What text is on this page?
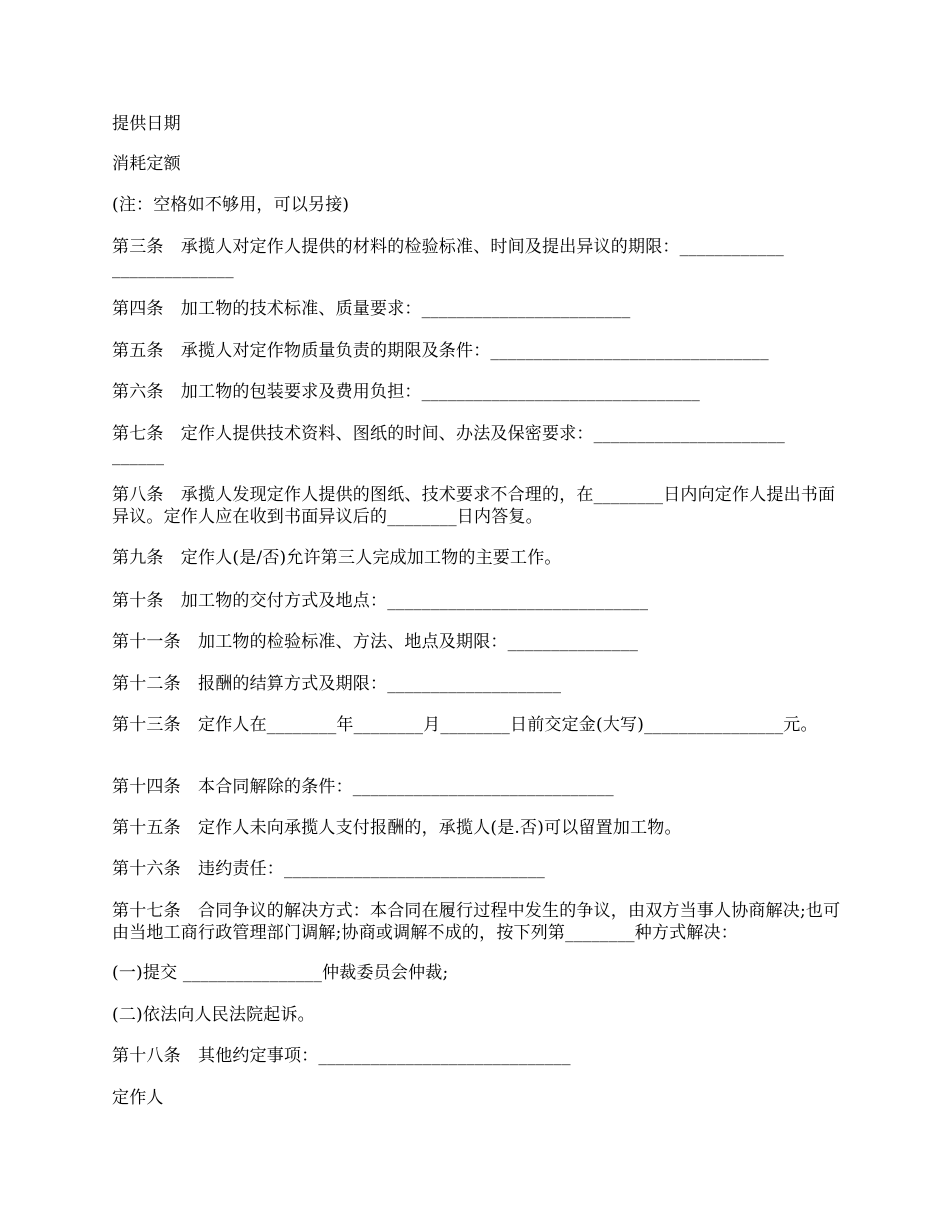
提供日期

消耗定额

(注：空格如不够用，可以另接)

第三条　承揽人对定作人提供的材料的检验标准、时间及提出异议的期限：____________
______________

第四条　加工物的技术标准、质量要求：________________________

第五条　承揽人对定作物质量负责的期限及条件：________________________________

第六条　加工物的包装要求及费用负担：________________________________

第七条　定作人提供技术资料、图纸的时间、办法及保密要求：______________________
______

第八条　承揽人发现定作人提供的图纸、技术要求不合理的，在________日内向定作人提出书面异议。定作人应在收到书面异议后的________日内答复。

第九条　定作人(是/否)允许第三人完成加工物的主要工作。

第十条　加工物的交付方式及地点：______________________________

第十一条　加工物的检验标准、方法、地点及期限：_______________

第十二条　报酬的结算方式及期限：____________________

第十三条　定作人在________年________月________日前交定金(大写)________________元。

第十四条　本合同解除的条件：______________________________

第十五条　定作人未向承揽人支付报酬的，承揽人(是.否)可以留置加工物。

第十六条　违约责任：______________________________

第十七条　合同争议的解决方式：本合同在履行过程中发生的争议，由双方当事人协商解决;也可由当地工商行政管理部门调解;协商或调解不成的，按下列第________种方式解决：

(一)提交 ________________仲裁委员会仲裁;

(二)依法向人民法院起诉。

第十八条　其他约定事项：_____________________________

定作人
